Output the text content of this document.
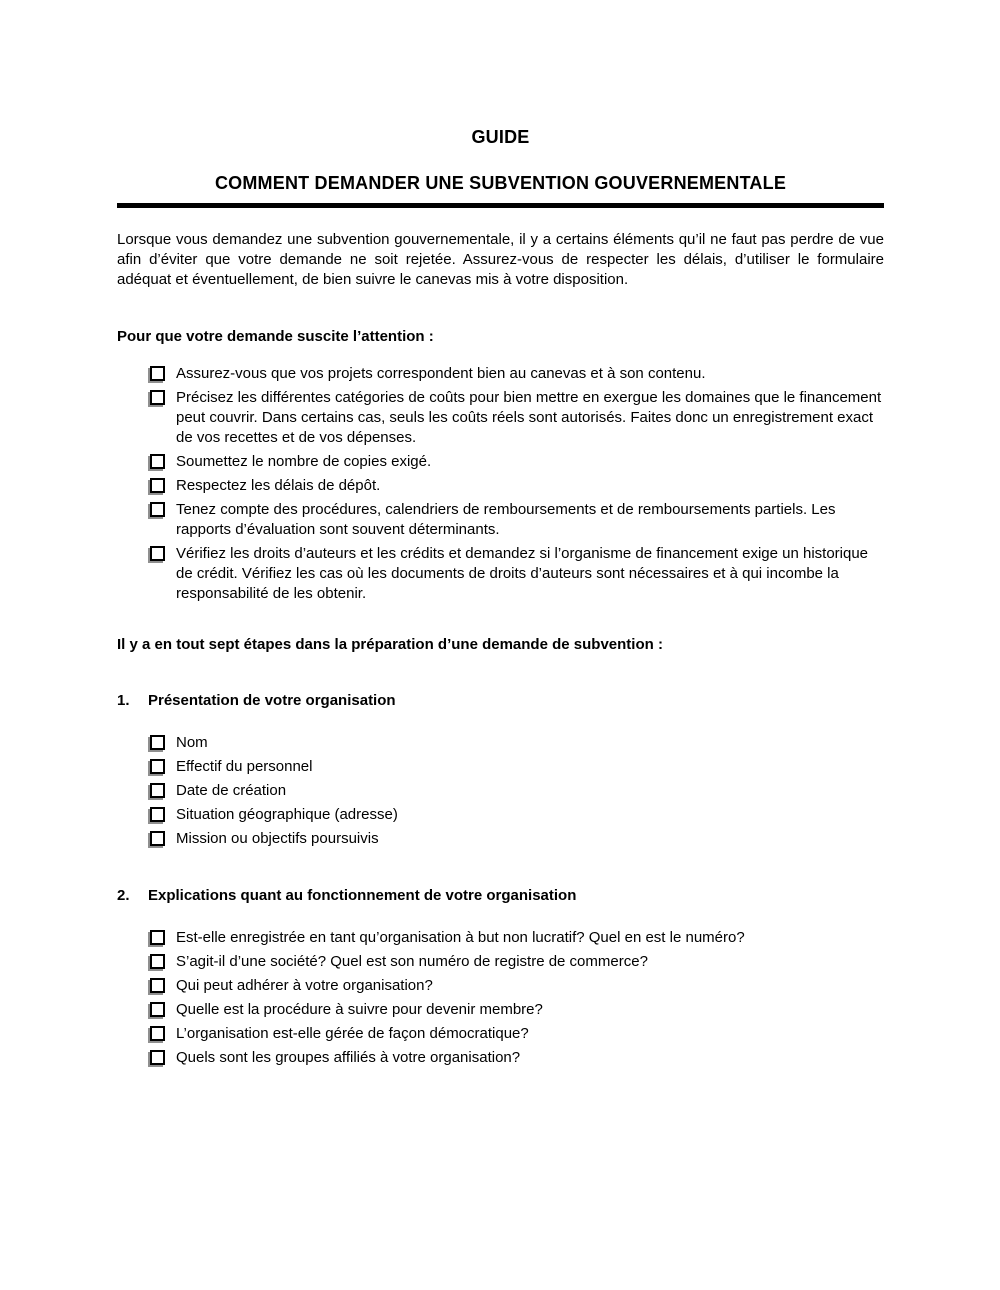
GUIDE
COMMENT DEMANDER UNE SUBVENTION GOUVERNEMENTALE

Lorsque vous demandez une subvention gouvernementale, il y a certains éléments qu’il ne faut pas perdre de vue afin d’éviter que votre demande ne soit rejetée. Assurez-vous de respecter les délais, d’utiliser le formulaire adéquat et éventuellement, de bien suivre le canevas mis à votre disposition.

Pour que votre demande suscite l’attention :

Assurez-vous que vos projets correspondent bien au canevas et à son contenu.
Précisez les différentes catégories de coûts pour bien mettre en exergue les domaines que le financement peut couvrir. Dans certains cas, seuls les coûts réels sont autorisés. Faites donc un enregistrement exact de vos recettes et de vos dépenses.
Soumettez le nombre de copies exigé.
Respectez les délais de dépôt.
Tenez compte des procédures, calendriers de remboursements et de remboursements partiels. Les rapports d’évaluation sont souvent déterminants.
Vérifiez les droits d’auteurs et les crédits et demandez si l’organisme de financement exige un historique de crédit. Vérifiez les cas où les documents de droits d’auteurs sont nécessaires et à qui incombe la responsabilité de les obtenir.

Il y a en tout sept étapes dans la préparation d’une demande de subvention :

1.	Présentation de votre organisation
Nom
Effectif du personnel
Date de création
Situation géographique (adresse)
Mission ou objectifs poursuivis
2.	Explications quant au fonctionnement de votre organisation
Est-elle enregistrée en tant qu’organisation à but non lucratif? Quel en est le numéro?
S’agit-il d’une société? Quel est son numéro de registre de commerce?
Qui peut adhérer à votre organisation?
Quelle est la procédure à suivre pour devenir membre?
L’organisation est-elle gérée de façon démocratique?
Quels sont les groupes affiliés à votre organisation?
